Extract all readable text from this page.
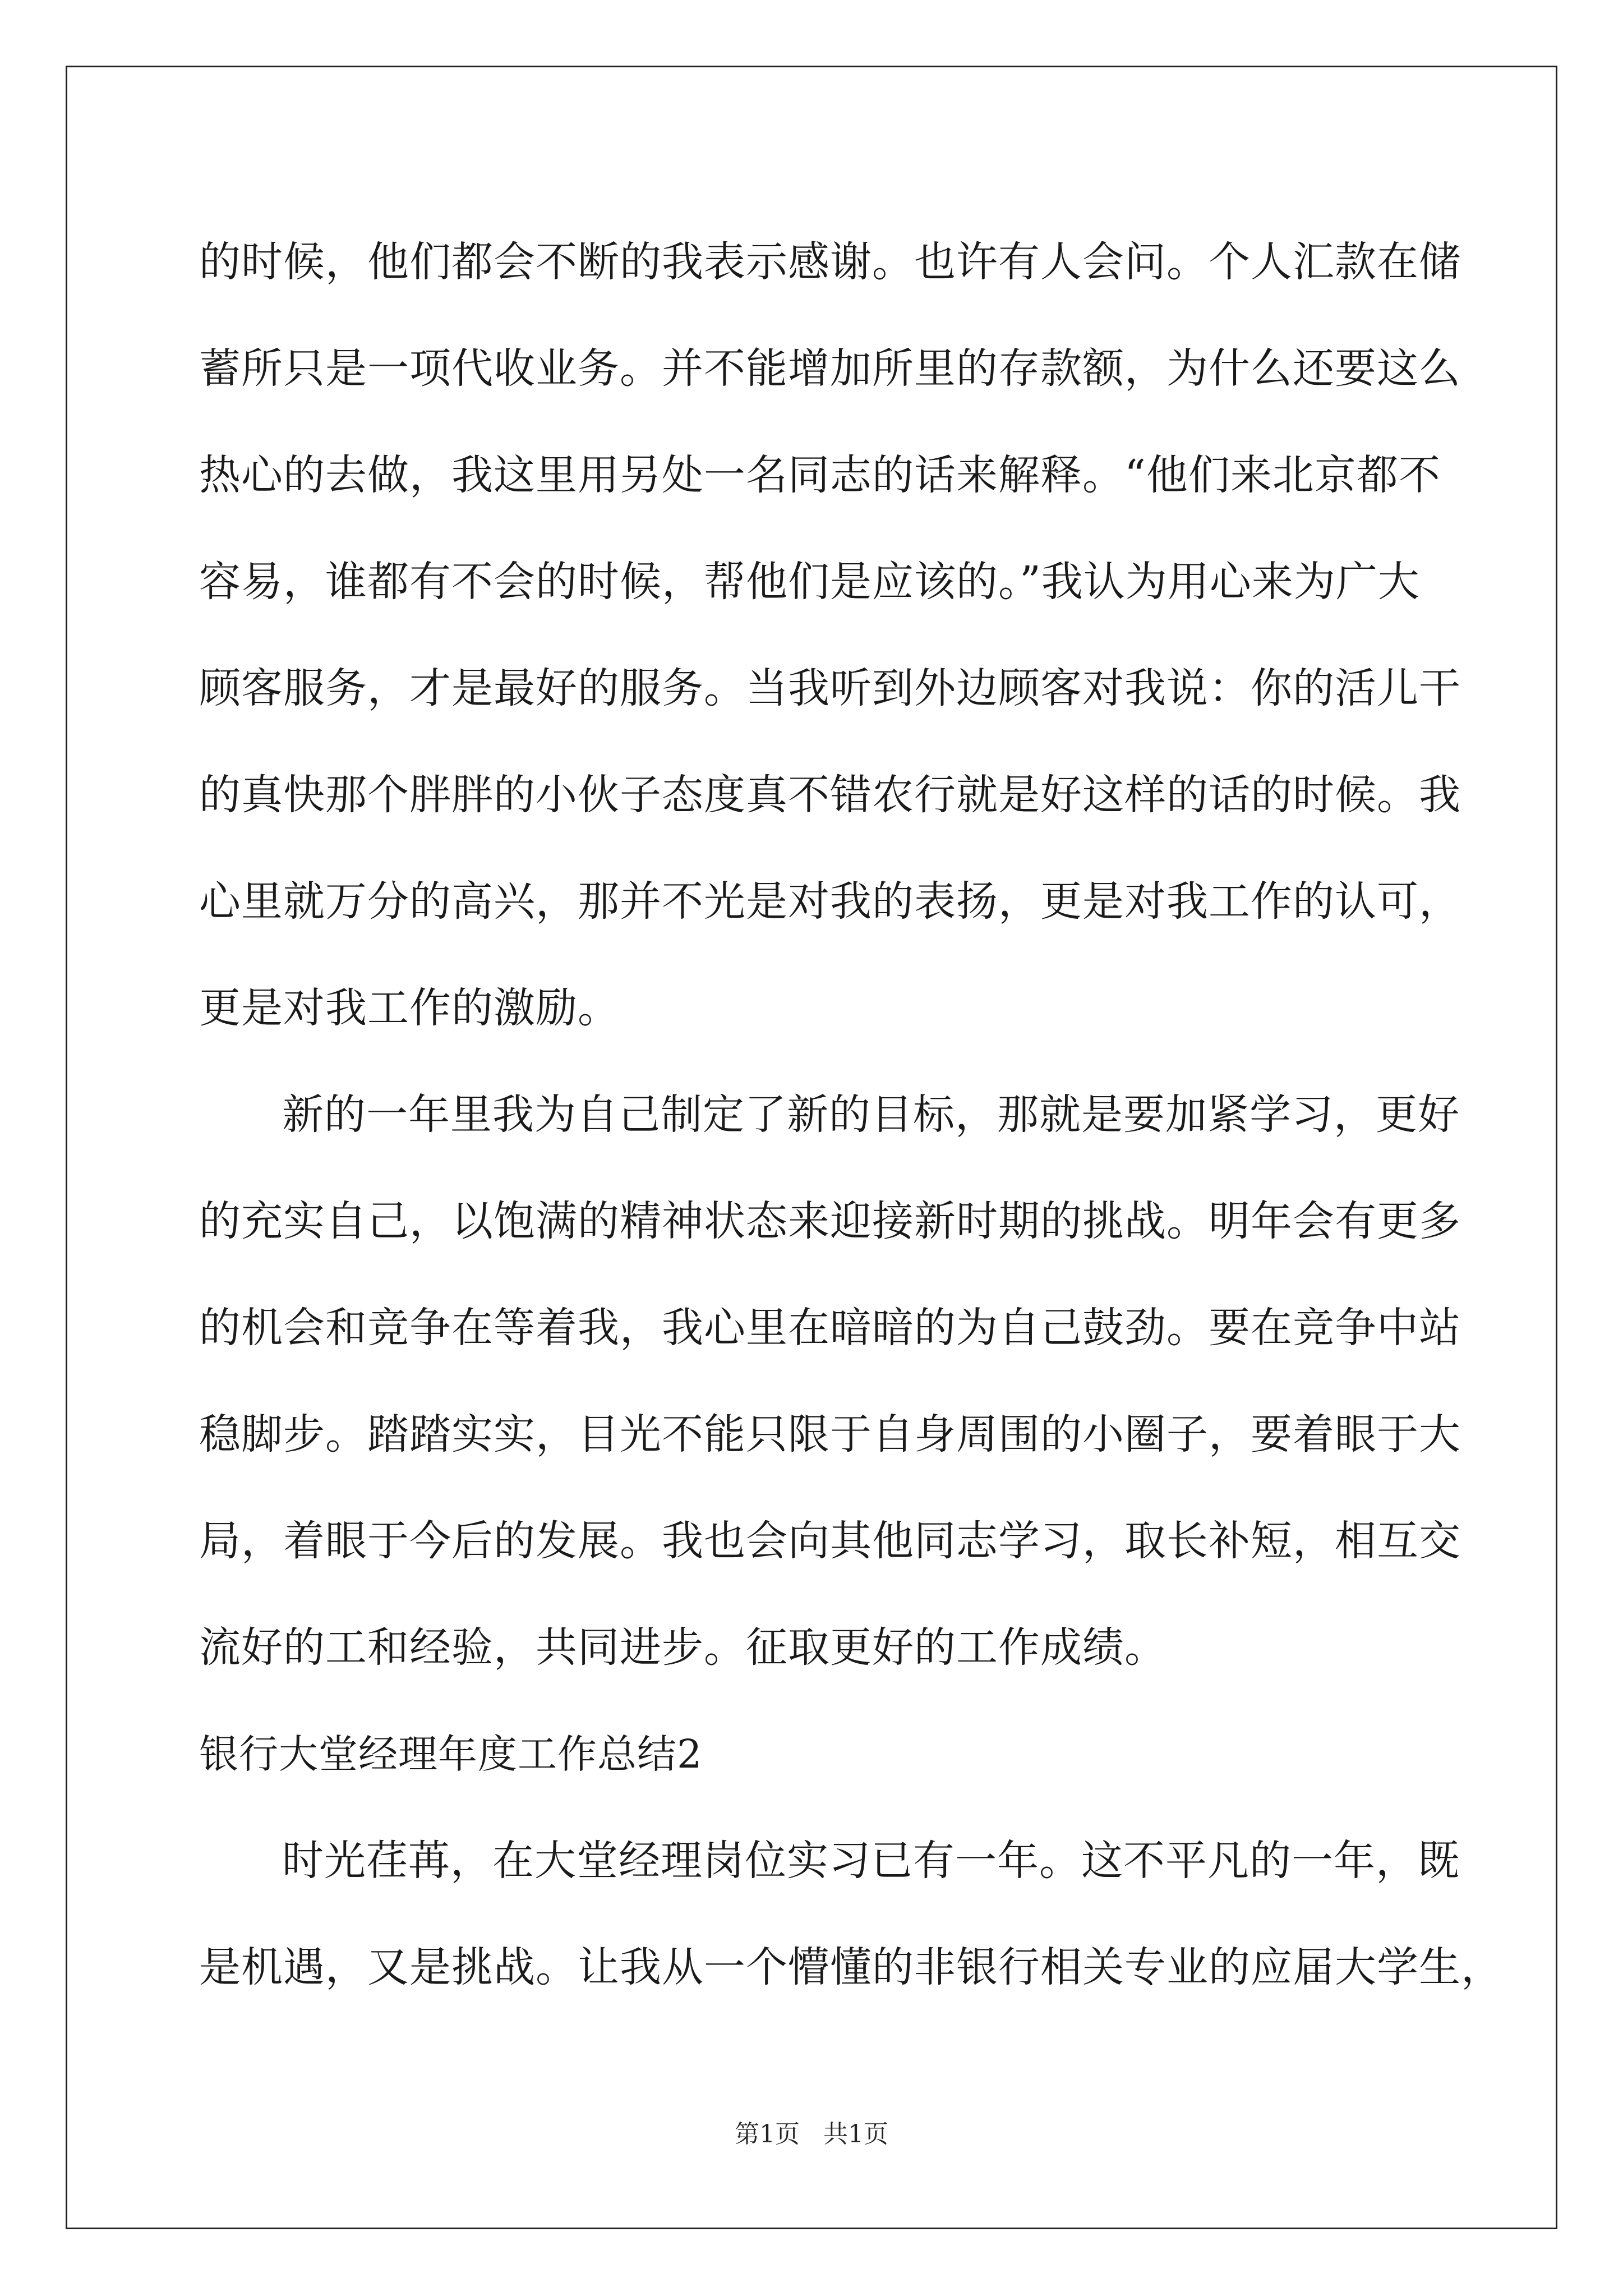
的时候，他们都会不断的我表示感谢。也许有人会问。个人汇款在储
蓄所只是一项代收业务。并不能增加所里的存款额，为什么还要这么
热心的去做，我这里用另处一名同志的话来解释。“他们来北京都不
容易，谁都有不会的时候，帮他们是应该的。”我认为用心来为广大
顾客服务，才是最好的服务。当我听到外边顾客对我说：你的活儿干
的真快那个胖胖的小伙子态度真不错农行就是好这样的话的时候。我
心里就万分的高兴，那并不光是对我的表扬，更是对我工作的认可，
更是对我工作的激励。
新的一年里我为自己制定了新的目标，那就是要加紧学习，更好
的充实自己，以饱满的精神状态来迎接新时期的挑战。明年会有更多
的机会和竞争在等着我，我心里在暗暗的为自己鼓劲。要在竞争中站
稳脚步。踏踏实实，目光不能只限于自身周围的小圈子，要着眼于大
局，着眼于今后的发展。我也会向其他同志学习，取长补短，相互交
流好的工和经验，共同进步。征取更好的工作成绩。
银行大堂经理年度工作总结2
时光荏苒，在大堂经理岗位实习已有一年。这不平凡的一年，既
是机遇，又是挑战。让我从一个懵懂的非银行相关专业的应届大学生，
第1页   共1页
